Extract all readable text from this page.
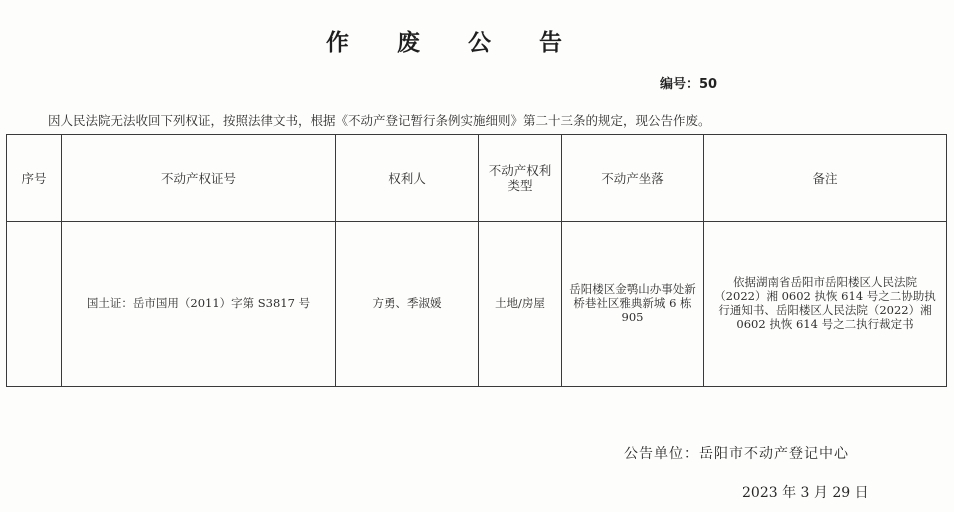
作 废 公 告
编号：50
因人民法院无法收回下列权证，按照法律文书，根据《不动产登记暂行条例实施细则》第二十三条的规定，现公告作废。
序号	不动产权证号	权利人	不动产权利类型	不动产坐落	备注
	国土证：岳市国用（2011）字第 S3817 号	方勇、季淑媛	土地/房屋	岳阳楼区金鹗山办事处新桥巷社区雅典新城 6 栋 905	依据湖南省岳阳市岳阳楼区人民法院（2022）湘 0602 执恢 614 号之二协助执行通知书、岳阳楼区人民法院（2022）湘 0602 执恢 614 号之二执行裁定书
公告单位：岳阳市不动产登记中心
2023 年 3 月 29 日
